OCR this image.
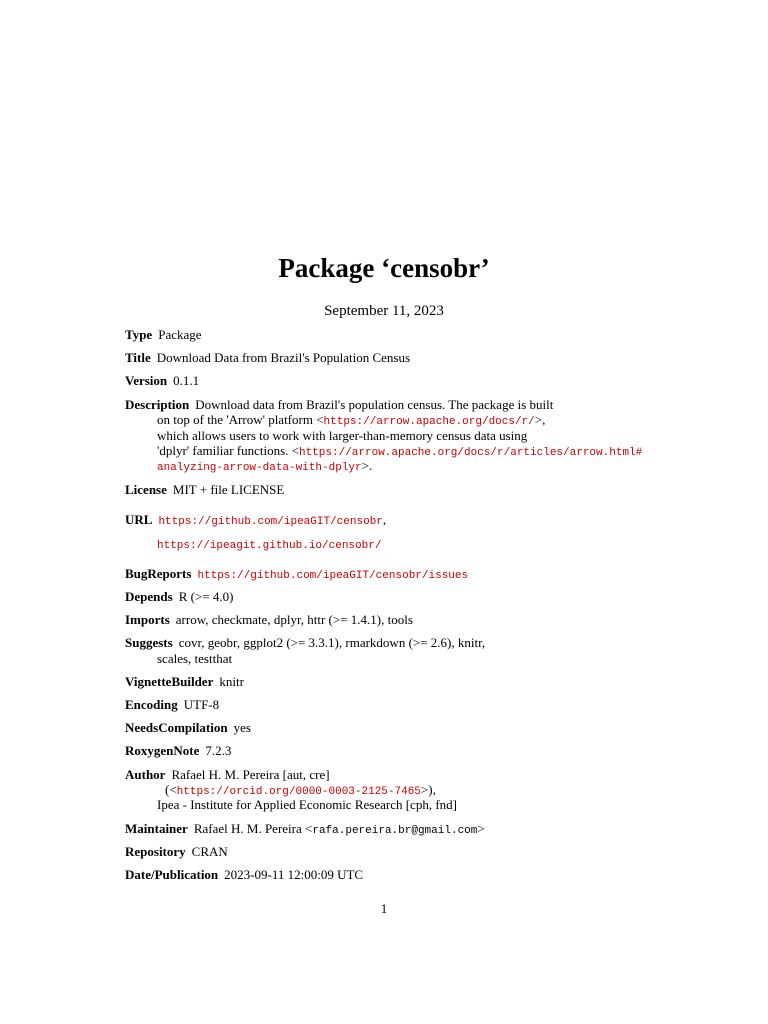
Package ‘censobr’
September 11, 2023
Type Package
Title Download Data from Brazil's Population Census
Version 0.1.1
Description Download data from Brazil's population census. The package is built
on top of the 'Arrow' platform <https://arrow.apache.org/docs/r/>,
which allows users to work with larger-than-memory census data using
'dplyr' familiar functions. <https://arrow.apache.org/docs/r/articles/arrow.html#
analyzing-arrow-data-with-dplyr>.
License MIT + file LICENSE
URL https://github.com/ipeaGIT/censobr,
https://ipeagit.github.io/censobr/
BugReports https://github.com/ipeaGIT/censobr/issues
Depends R (>= 4.0)
Imports arrow, checkmate, dplyr, httr (>= 1.4.1), tools
Suggests covr, geobr, ggplot2 (>= 3.3.1), rmarkdown (>= 2.6), knitr,
scales, testthat
VignetteBuilder knitr
Encoding UTF-8
NeedsCompilation yes
RoxygenNote 7.2.3
Author Rafael H. M. Pereira [aut, cre]
(<https://orcid.org/0000-0003-2125-7465>),
Ipea - Institute for Applied Economic Research [cph, fnd]
Maintainer Rafael H. M. Pereira <rafa.pereira.br@gmail.com>
Repository CRAN
Date/Publication 2023-09-11 12:00:09 UTC
1
